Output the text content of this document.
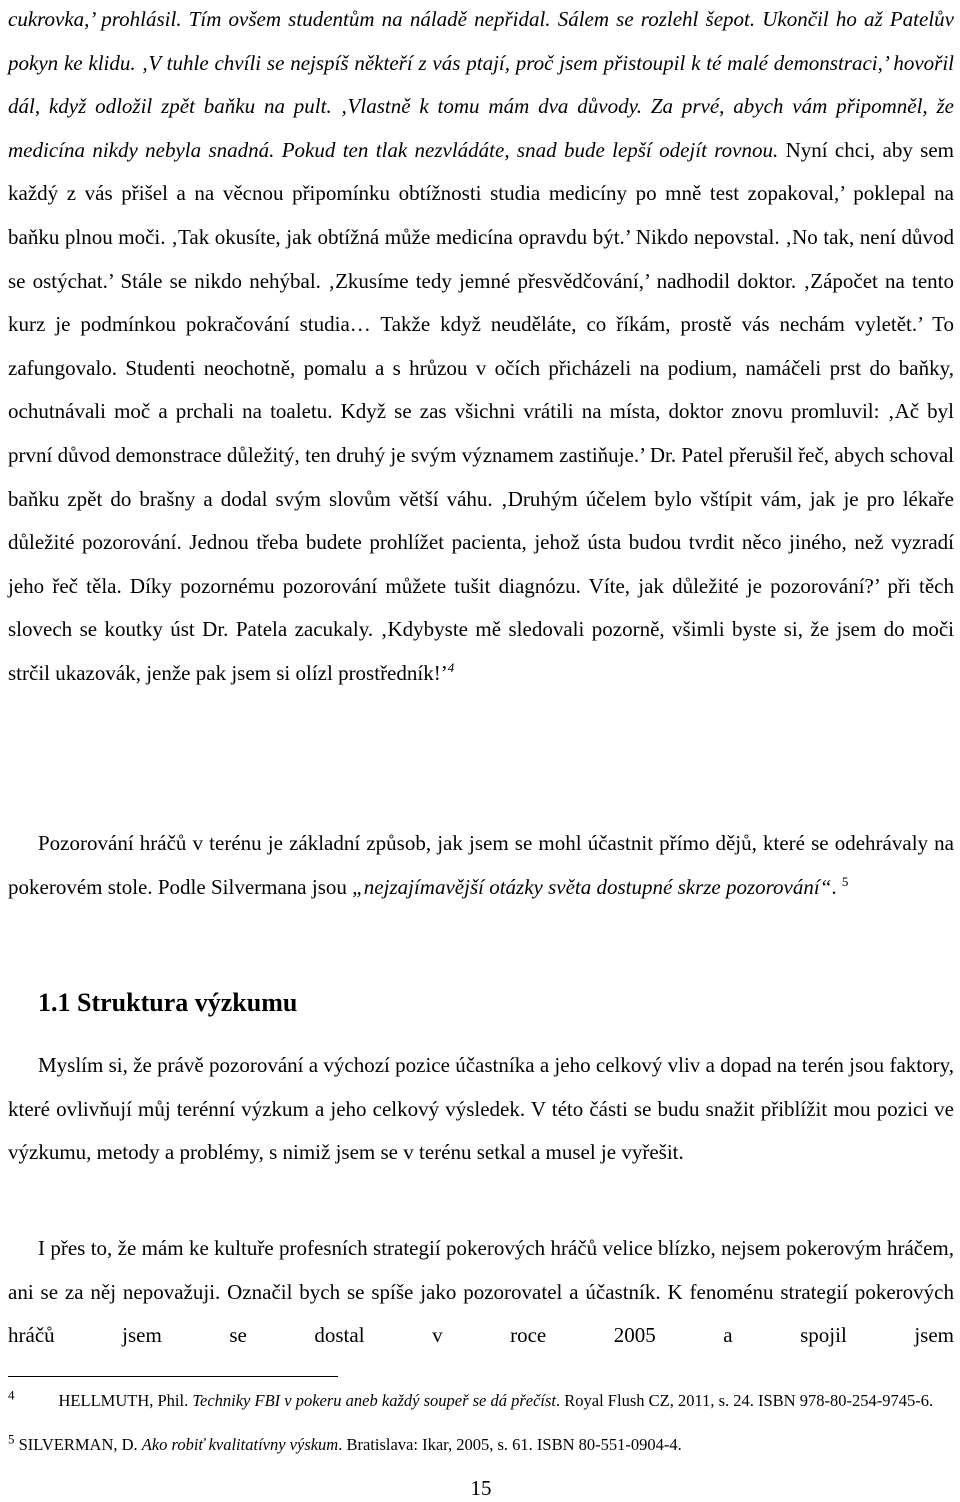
cukrovka,’ prohlásil. Tím ovšem studentům na náladě nepřidal. Sálem se rozlehl šepot. Ukončil ho až Patelův pokyn ke klidu. ‚V tuhle chvíli se nejspíš někteří z vás ptají, proč jsem přistoupil k té malé demonstraci,’ hovořil dál, když odložil zpět baňku na pult. ‚Vlastně k tomu mám dva důvody. Za prvé, abych vám připomněl, že medicína nikdy nebyla snadná. Pokud ten tlak nezvládáte, snad bude lepší odejít rovnou. Nyní chci, aby sem každý z vás přišel a na věcnou připomínku obtížnosti studia medicíny po mně test zopakoval,’ poklepal na baňku plnou moči. ‚Tak okusíte, jak obtížná může medicína opravdu být.’ Nikdo nepovstal. ‚No tak, není důvod se ostýchat.’ Stále se nikdo nehýbal. ‚Zkusíme tedy jemné přesvědčování,’ nadhodil doktor. ‚Zápočet na tento kurz je podmínkou pokračování studia… Takže když neuděláte, co říkám, prostě vás nechám vyletět.’ To zafungovalo. Studenti neochotně, pomalu a s hrůzou v očích přicházeli na podium, namáčeli prst do baňky, ochutnávali moč a prchali na toaletu. Když se zas všichni vrátili na místa, doktor znovu promluvil: ‚Ač byl první důvod demonstrace důležitý, ten druhý je svým významem zastiňuje.’ Dr. Patel přerušil řeč, abych schoval baňku zpět do brašny a dodal svým slovům větší váhu. ‚Druhým účelem bylo vštípit vám, jak je pro lékaře důležité pozorování. Jednou třeba budete prohlížet pacienta, jehož ústa budou tvrdit něco jiného, než vyzradí jeho řeč těla. Díky pozornému pozorování můžete tušit diagnózu. Víte, jak důležité je pozorování?’ při těch slovech se koutky úst Dr. Patela zacukaly. ‚Kdybyste mě sledovali pozorně, všimli byste si, že jsem do moči strčil ukazovák, jenže pak jsem si olízl prostředník!’$^4$

Pozorování hráčů v terénu je základní způsob, jak jsem se mohl účastnit přímo dějů, které se odehrávaly na pokerovém stole. Podle Silvermana jsou „nejzajímavější otázky světa dostupné skrze pozorování“. $^5$

1.1 Struktura výzkumu

Myslím si, že právě pozorování a výchozí pozice účastníka a jeho celkový vliv a dopad na terén jsou faktory, které ovlivňují můj terénní výzkum a jeho celkový výsledek. V této části se budu snažit přiblížit mou pozici ve výzkumu, metody a problémy, s nimiž jsem se v terénu setkal a musel je vyřešit.

I přes to, že mám ke kultuře profesních strategií pokerových hráčů velice blízko, nejsem pokerovým hráčem, ani se za něj nepovažuji. Označil bych se spíše jako pozorovatel a účastník. K fenoménu strategií pokerových hráčů jsem se dostal v roce 2005 a spojil jsem

$^4$	HELLMUTH, Phil. Techniky FBI v pokeru aneb každý soupeř se dá přečíst. Royal Flush CZ, 2011, s. 24. ISBN 978-80-254-9745-6.

$^5$ SILVERMAN, D. Ako robiť kvalitatívny výskum. Bratislava: Ikar, 2005, s. 61. ISBN 80-551-0904-4.

15
